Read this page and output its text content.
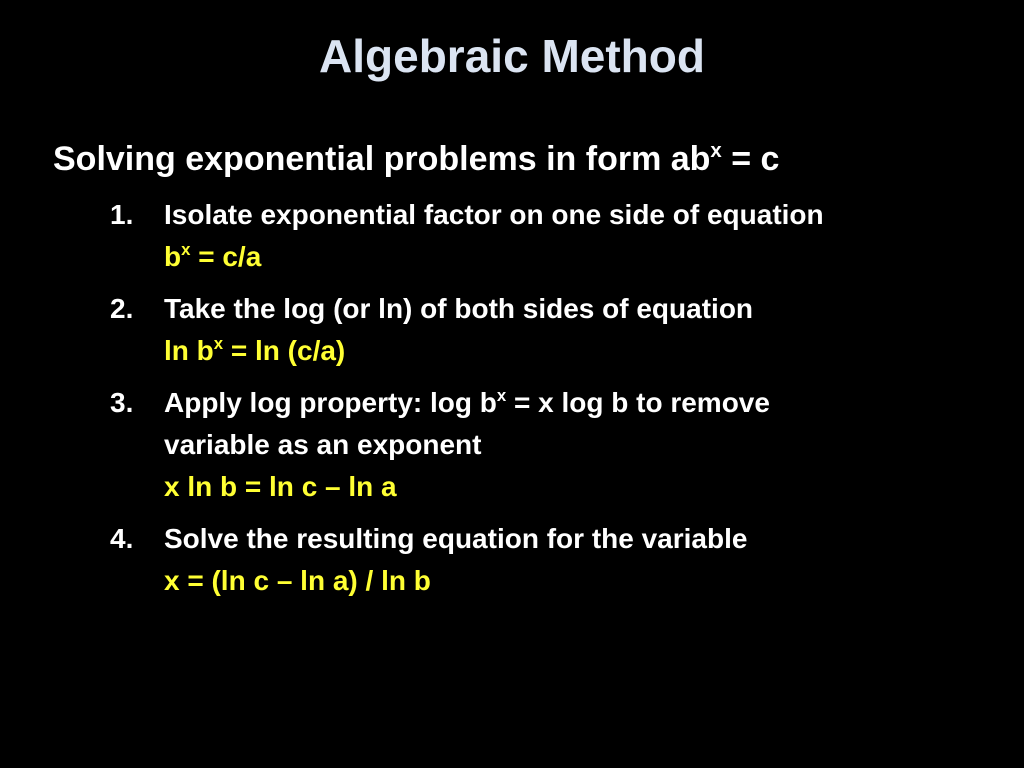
Algebraic Method
Solving exponential problems in form $ab^x = c$
1. Isolate exponential factor on one side of equation
$b^x = c/a$
2. Take the log (or ln) of both sides of equation
$\ln b^x = \ln (c/a)$
3. Apply log property: $\log b^x = x$ log b to remove
variable as an exponent
x ln b = ln c – ln a
4. Solve the resulting equation for the variable
x = (ln c – ln a) / ln b
